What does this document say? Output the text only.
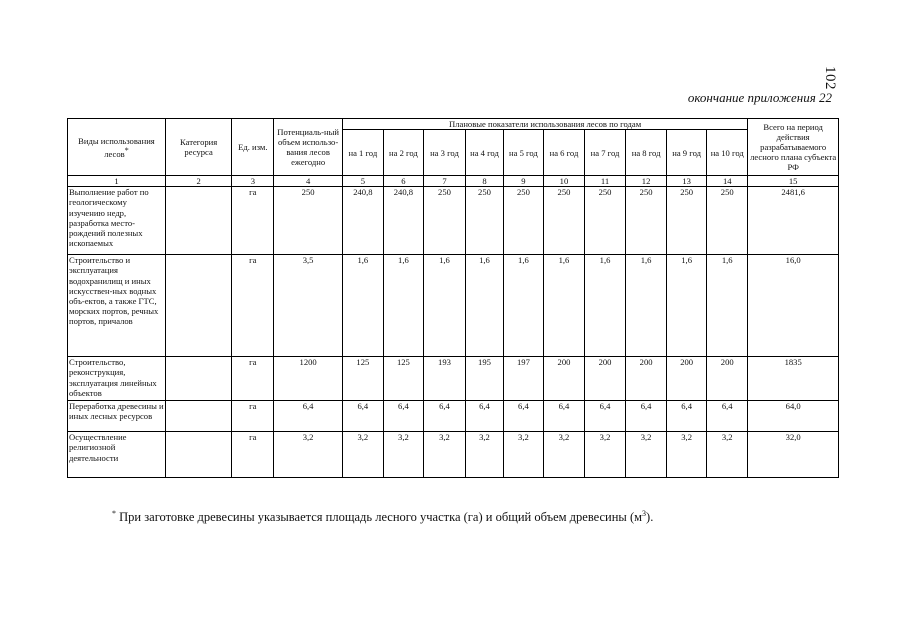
102
окончание приложения 22
Виды использования лесов*	Категория ресурса	Ед. изм.	Потенциаль-ный объем использо-вания лесов ежегодно	Плановые показатели использования лесов по годам										Всего на период действия разрабатываемого лесного плана субъекта РФ
				на 1 год	на 2 год	на 3 год	на 4 год	на 5 год	на 6 год	на 7 год	на 8 год	на 9 год	на 10 год	
1	2	3	4	5	6	7	8	9	10	11	12	13	14	15
Выполнение работ по геологическому изучению недр, разработка место-рождений полезных ископаемых		га	250	240,8	240,8	250	250	250	250	250	250	250	250	2481,6
Строительство и эксплуатация водохранилищ и иных искусствен-ных водных объ-ектов, а также ГТС, морских портов, речных портов, причалов		га	3,5	1,6	1,6	1,6	1,6	1,6	1,6	1,6	1,6	1,6	1,6	16,0
Строительство, реконструкция, эксплуатация линейных объектов		га	1200	125	125	193	195	197	200	200	200	200	200	1835
Переработка древесины и иных лесных ресурсов		га	6,4	6,4	6,4	6,4	6,4	6,4	6,4	6,4	6,4	6,4	6,4	64,0
Осуществление религиозной деятельности		га	3,2	3,2	3,2	3,2	3,2	3,2	3,2	3,2	3,2	3,2	3,2	32,0
* При заготовке древесины указывается площадь лесного участка (га) и общий объем древесины $(м^3)$.
